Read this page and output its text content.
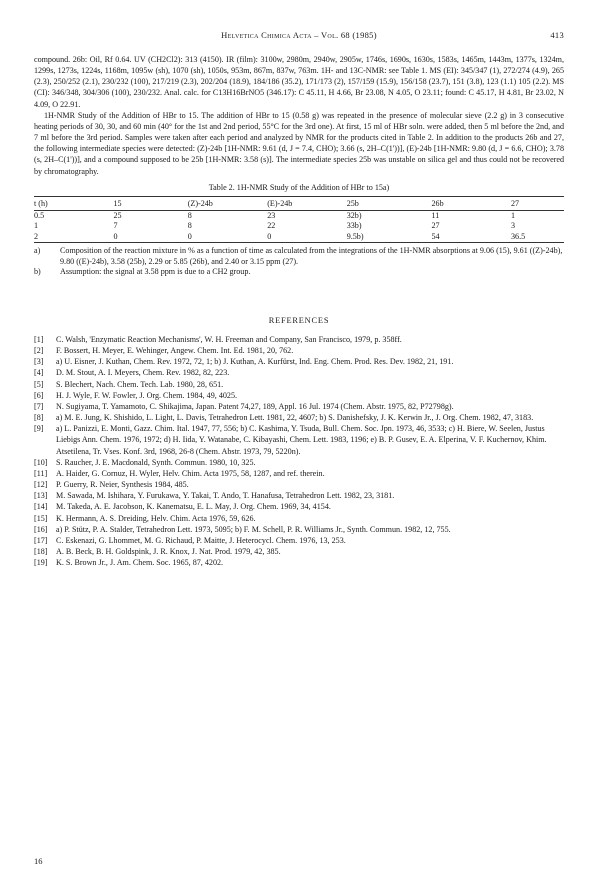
Helvetica Chimica Acta – Vol. 68 (1985)	413

compound. 26b: Oil, Rf 0.64. UV (CH2Cl2): 313 (4150). IR (film): 3100w, 2980m, 2940w, 2905w, 1746s, 1690s, 1630s, 1583s, 1465m, 1443m, 1377s, 1324m, 1299s, 1273s, 1224s, 1168m, 1095w (sh), 1070 (sh), 1050s, 953m, 867m, 837w, 763m. 1H- and 13C-NMR: see Table 1. MS (EI): 345/347 (1), 272/274 (4.9), 265 (2.3), 250/252 (2.1), 230/232 (100), 217/219 (2.3), 202/204 (18.9), 184/186 (35.2), 171/173 (2), 157/159 (15.9), 156/158 (23.7), 151 (3.8), 123 (1.1) 105 (2.2). MS (CI): 346/348, 304/306 (100), 230/232. Anal. calc. for C13H16BrNO5 (346.17): C 45.11, H 4.66, Br 23.08, N 4.05, O 23.11; found: C 45.17, H 4.81, Br 23.02, N 4.09, O 22.91.

1H-NMR Study of the Addition of HBr to 15. The addition of HBr to 15 (0.58 g) was repeated in the presence of molecular sieve (2.2 g) in 3 consecutive heating periods of 30, 30, and 60 min (40° for the 1st and 2nd period, 55°C for the 3rd one). At first, 15 ml of HBr soln. were added, then 5 ml before the 2nd, and 7 ml before the 3rd period. Samples were taken after each period and analyzed by NMR for the products cited in Table 2. In addition to the products 26b and 27, the following intermediate species were detected: (Z)-24b [1H-NMR: 9.61 (d, J = 7.4, CHO); 3.66 (s, 2H–C(1'))], (E)-24b [1H-NMR: 9.80 (d, J = 6.6, CHO); 3.78 (s, 2H–C(1'))], and a compound supposed to be 25b [1H-NMR: 3.58 (s)]. The intermediate species 25b was unstable on silica gel and thus could not be recovered by chromatography.

Table 2. 1H-NMR Study of the Addition of HBr to 15a)
t (h)	15	(Z)-24b	(E)-24b	25b	26b	27
0.5	25	8	23	32b)	11	1
1	7	8	22	33b)	27	3
2	0	0	0	9.5b)	54	36.5
a)	Composition of the reaction mixture in % as a function of time as calculated from the integrations of the 1H-NMR absorptions at 9.06 (15), 9.61 ((Z)-24b), 9.80 ((E)-24b), 3.58 (25b), 2.29 or 5.85 (26b), and 2.40 or 3.15 ppm (27).
b)	Assumption: the signal at 3.58 ppm is due to a CH2 group.
REFERENCES
[1]	C. Walsh, 'Enzymatic Reaction Mechanisms', W. H. Freeman and Company, San Francisco, 1979, p. 358ff.
[2]	F. Bossert, H. Meyer, E. Wehinger, Angew. Chem. Int. Ed. 1981, 20, 762.
[3]	a) U. Eisner, J. Kuthan, Chem. Rev. 1972, 72, 1; b) J. Kuthan, A. Kurfürst, Ind. Eng. Chem. Prod. Res. Dev. 1982, 21, 191.
[4]	D. M. Stout, A. I. Meyers, Chem. Rev. 1982, 82, 223.
[5]	S. Blechert, Nach. Chem. Tech. Lab. 1980, 28, 651.
[6]	H. J. Wyle, F. W. Fowler, J. Org. Chem. 1984, 49, 4025.
[7]	N. Sugiyama, T. Yamamoto, C. Shikajima, Japan. Patent 74,27, 189, Appl. 16 Jul. 1974 (Chem. Abstr. 1975, 82, P72798g).
[8]	a) M. E. Jung, K. Shishido, L. Light, L. Davis, Tetrahedron Lett. 1981, 22, 4607; b) S. Danishefsky, J. K. Kerwin Jr., J. Org. Chem. 1982, 47, 3183.
[9]	a) L. Panizzi, E. Monti, Gazz. Chim. Ital. 1947, 77, 556; b) C. Kashima, Y. Tsuda, Bull. Chem. Soc. Jpn. 1973, 46, 3533; c) H. Biere, W. Seelen, Justus Liebigs Ann. Chem. 1976, 1972; d) H. Iida, Y. Watanabe, C. Kibayashi, Chem. Lett. 1983, 1196; e) B. P. Gusev, E. A. Elperina, V. F. Kuchernov, Khim. Atsetilena, Tr. Vses. Konf. 3rd, 1968, 26-8 (Chem. Abstr. 1973, 79, 5220n).
[10]	S. Raucher, J. E. Macdonald, Synth. Commun. 1980, 10, 325.
[11]	A. Haider, G. Cornuz, H. Wyler, Helv. Chim. Acta 1975, 58, 1287, and ref. therein.
[12]	P. Guerry, R. Neier, Synthesis 1984, 485.
[13]	M. Sawada, M. Ishihara, Y. Furukawa, Y. Takai, T. Ando, T. Hanafusa, Tetrahedron Lett. 1982, 23, 3181.
[14]	M. Takeda, A. E. Jacobson, K. Kanematsu, E. L. May, J. Org. Chem. 1969, 34, 4154.
[15]	K. Hermann, A. S. Dreiding, Helv. Chim. Acta 1976, 59, 626.
[16]	a) P. Stütz, P. A. Stalder, Tetrahedron Lett. 1973, 5095; b) F. M. Schell, P. R. Williams Jr., Synth. Commun. 1982, 12, 755.
[17]	C. Eskenazi, G. Lhommet, M. G. Richaud, P. Maitte, J. Heterocycl. Chem. 1976, 13, 253.
[18]	A. B. Beck, B. H. Goldspink, J. R. Knox, J. Nat. Prod. 1979, 42, 385.
[19]	K. S. Brown Jr., J. Am. Chem. Soc. 1965, 87, 4202.
16
